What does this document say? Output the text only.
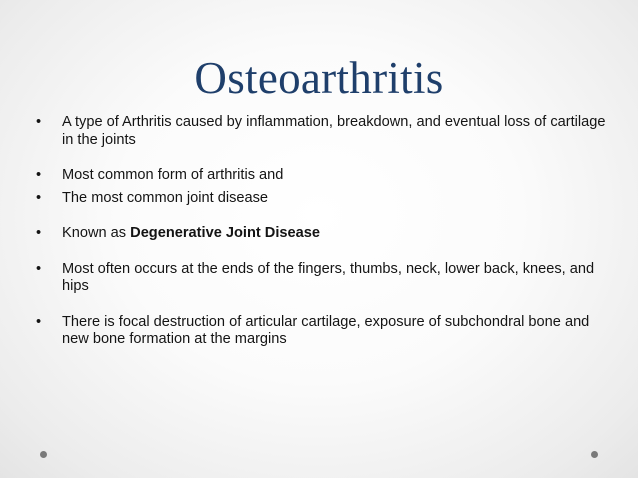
Osteoarthritis
•	A type of Arthritis caused by inflammation, breakdown, and eventual loss of cartilage in the joints
•	Most common form of arthritis and
•	The most common joint disease
•	Known as Degenerative Joint Disease
•	Most often occurs at the ends of the fingers, thumbs, neck, lower back, knees, and hips
•	There is focal destruction of articular cartilage, exposure of subchondral bone and new bone formation at the margins
